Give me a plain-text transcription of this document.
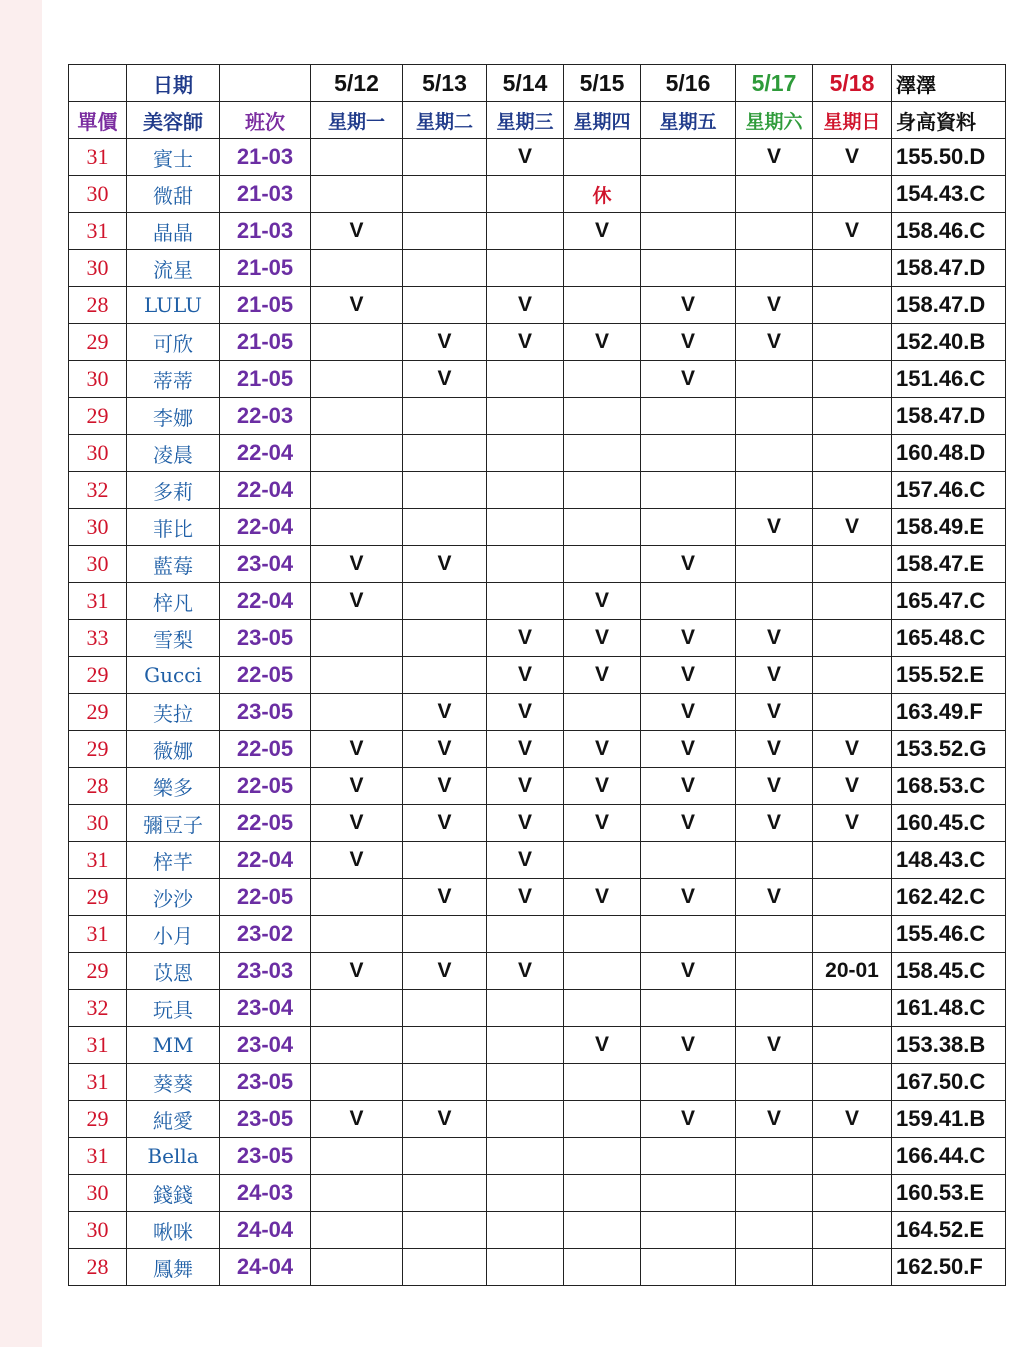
	日期		5/12	5/13	5/14	5/15	5/16	5/17	5/18	澤澤
單價	美容師	班次	星期一	星期二	星期三	星期四	星期五	星期六	星期日	身高資料
31	賓士	21-03			V			V	V	155.50.D
30	微甜	21-03				休				154.43.C
31	晶晶	21-03	V			V			V	158.46.C
30	流星	21-05								158.47.D
28	LULU	21-05	V		V		V	V		158.47.D
29	可欣	21-05		V	V	V	V	V		152.40.B
30	蒂蒂	21-05		V			V			151.46.C
29	李娜	22-03								158.47.D
30	凌晨	22-04								160.48.D
32	多莉	22-04								157.46.C
30	菲比	22-04						V	V	158.49.E
30	藍莓	23-04	V	V			V			158.47.E
31	梓凡	22-04	V			V				165.47.C
33	雪梨	23-05			V	V	V	V		165.48.C
29	Gucci	22-05			V	V	V	V		155.52.E
29	芙拉	23-05		V	V		V	V		163.49.F
29	薇娜	22-05	V	V	V	V	V	V	V	153.52.G
28	樂多	22-05	V	V	V	V	V	V	V	168.53.C
30	彌豆子	22-05	V	V	V	V	V	V	V	160.45.C
31	梓芊	22-04	V		V					148.43.C
29	沙沙	22-05		V	V	V	V	V		162.42.C
31	小月	23-02								155.46.C
29	苡恩	23-03	V	V	V		V		20-01	158.45.C
32	玩具	23-04								161.48.C
31	MM	23-04				V	V	V		153.38.B
31	葵葵	23-05								167.50.C
29	純愛	23-05	V	V			V	V	V	159.41.B
31	Bella	23-05								166.44.C
30	錢錢	24-03								160.53.E
30	啾咪	24-04								164.52.E
28	鳳舞	24-04								162.50.F
